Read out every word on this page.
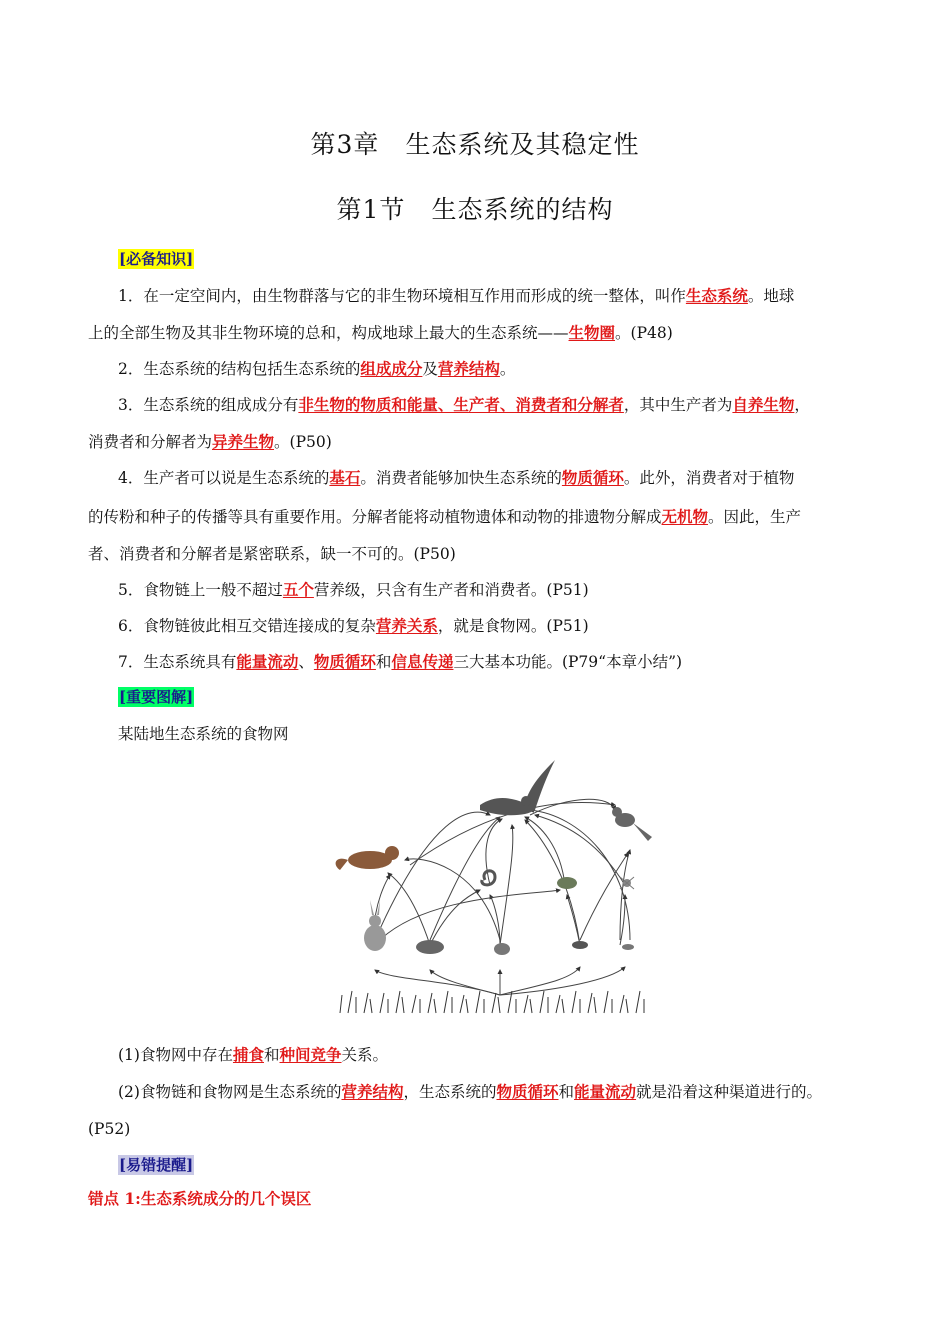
第3章 生态系统及其稳定性
第1节 生态系统的结构
[必备知识]
1．在一定空间内，由生物群落与它的非生物环境相互作用而形成的统一整体，叫作生态系统。地球
上的全部生物及其非生物环境的总和，构成地球上最大的生态系统——生物圈。(P48)
2．生态系统的结构包括生态系统的组成成分及营养结构。
3．生态系统的组成成分有非生物的物质和能量、生产者、消费者和分解者，其中生产者为自养生物，
消费者和分解者为异养生物。(P50)
4．生产者可以说是生态系统的基石。消费者能够加快生态系统的物质循环。此外，消费者对于植物
的传粉和种子的传播等具有重要作用。分解者能将动植物遗体和动物的排遗物分解成无机物。因此，生产
者、消费者和分解者是紧密联系，缺一不可的。(P50)
5．食物链上一般不超过五个营养级，只含有生产者和消费者。(P51)
6．食物链彼此相互交错连接成的复杂营养关系，就是食物网。(P51)
7．生态系统具有能量流动、物质循环和信息传递三大基本功能。(P79“本章小结”)
[重要图解]
某陆地生态系统的食物网
(1)食物网中存在捕食和种间竞争关系。
(2)食物链和食物网是生态系统的营养结构，生态系统的物质循环和能量流动就是沿着这种渠道进行的。
(P52)
[易错提醒]
错点 1:生态系统成分的几个误区
